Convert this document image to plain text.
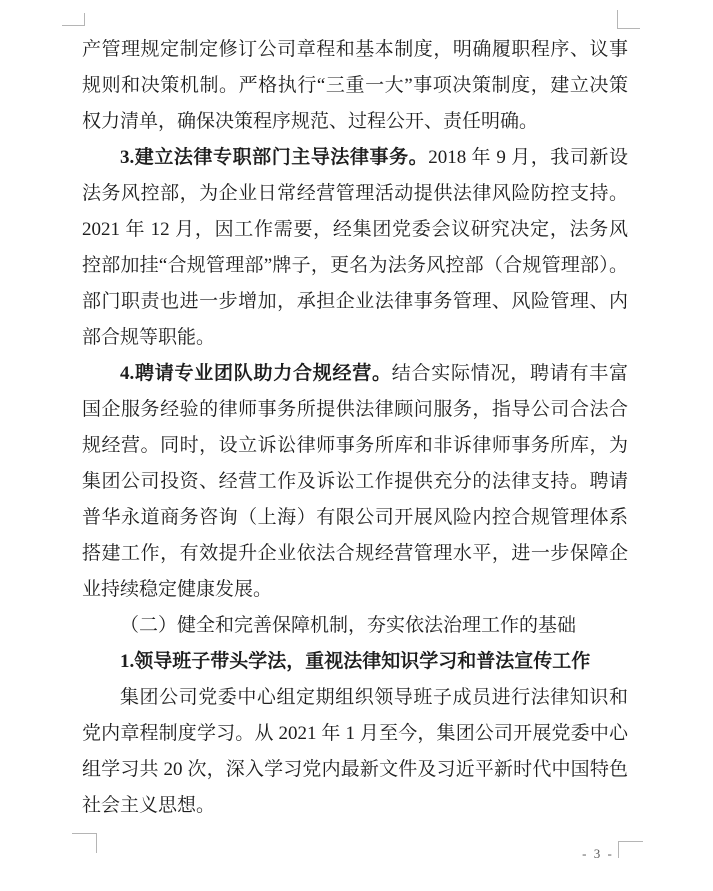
产管理规定制定修订公司章程和基本制度，明确履职程序、议事规则和决策机制。严格执行“三重一大”事项决策制度，建立决策权力清单，确保决策程序规范、过程公开、责任明确。

3.建立法律专职部门主导法律事务。2018 年 9 月，我司新设法务风控部，为企业日常经营管理活动提供法律风险防控支持。2021 年 12 月，因工作需要，经集团党委会议研究决定，法务风控部加挂“合规管理部”牌子，更名为法务风控部（合规管理部）。部门职责也进一步增加，承担企业法律事务管理、风险管理、内部合规等职能。

4.聘请专业团队助力合规经营。结合实际情况，聘请有丰富国企服务经验的律师事务所提供法律顾问服务，指导公司合法合规经营。同时，设立诉讼律师事务所库和非诉律师事务所库，为集团公司投资、经营工作及诉讼工作提供充分的法律支持。聘请普华永道商务咨询（上海）有限公司开展风险内控合规管理体系搭建工作，有效提升企业依法合规经营管理水平，进一步保障企业持续稳定健康发展。

（二）健全和完善保障机制，夯实依法治理工作的基础

1.领导班子带头学法，重视法律知识学习和普法宣传工作

集团公司党委中心组定期组织领导班子成员进行法律知识和党内章程制度学习。从 2021 年 1 月至今，集团公司开展党委中心组学习共 20 次，深入学习党内最新文件及习近平新时代中国特色社会主义思想。

- 3 -
